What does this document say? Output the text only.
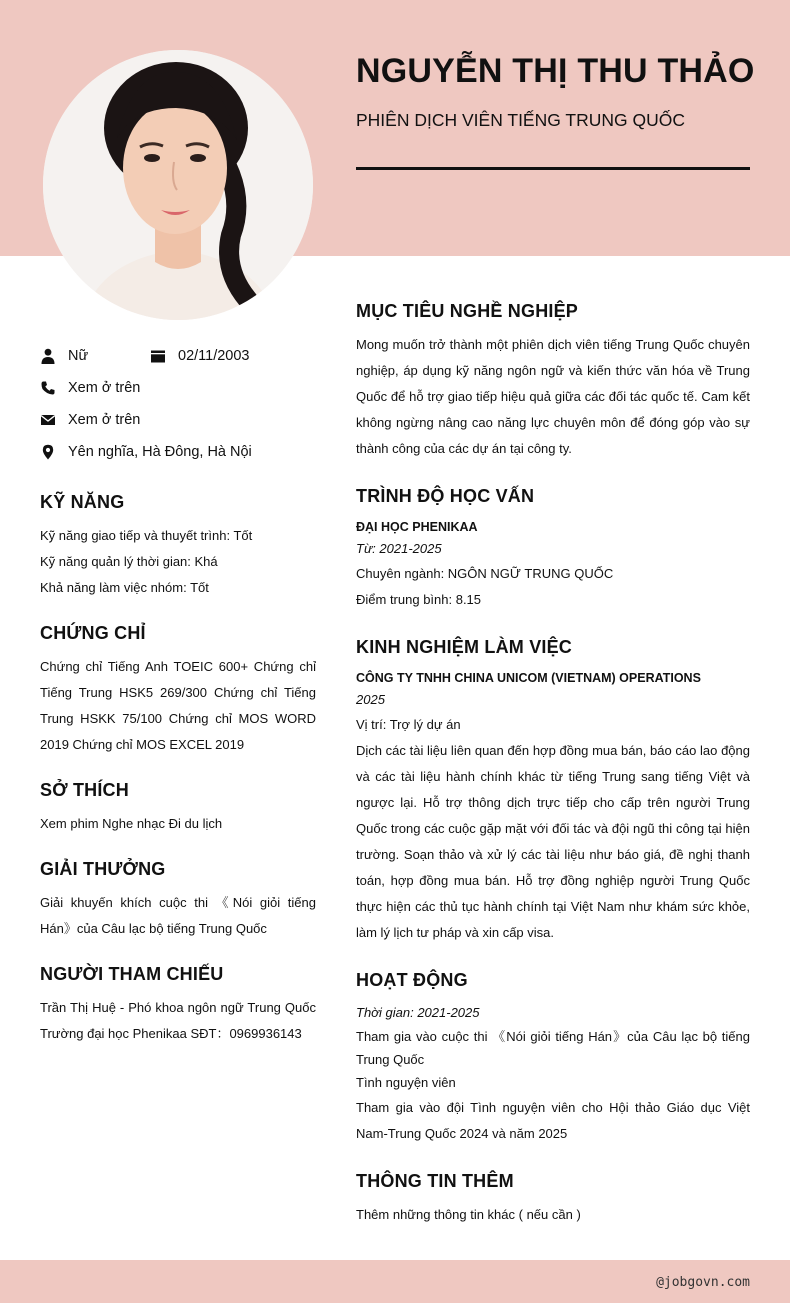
NGUYỄN THỊ THU THẢO
PHIÊN DỊCH VIÊN TIẾNG TRUNG QUỐC
Nữ	02/11/2003
Xem ở trên
Xem ở trên
Yên nghĩa, Hà Đông, Hà Nội
KỸ NĂNG
Kỹ năng giao tiếp và thuyết trình: Tốt
Kỹ năng quản lý thời gian: Khá
Khả năng làm việc nhóm: Tốt
CHỨNG CHỈ
Chứng chỉ Tiếng Anh TOEIC 600+ Chứng chỉ Tiếng Trung HSK5 269/300 Chứng chỉ Tiếng Trung HSKK 75/100 Chứng chỉ MOS WORD 2019 Chứng chỉ MOS EXCEL 2019
SỞ THÍCH
Xem phim Nghe nhạc Đi du lịch
GIẢI THƯỞNG
Giải khuyến khích cuộc thi 《Nói giỏi tiếng Hán》của Câu lạc bộ tiếng Trung Quốc
NGƯỜI THAM CHIẾU
Trần Thị Huệ - Phó khoa ngôn ngữ Trung Quốc Trường đại học Phenikaa SĐT：0969936143
MỤC TIÊU NGHỀ NGHIỆP
Mong muốn trở thành một phiên dịch viên tiếng Trung Quốc chuyên nghiệp, áp dụng kỹ năng ngôn ngữ và kiến thức văn hóa về Trung Quốc để hỗ trợ giao tiếp hiệu quả giữa các đối tác quốc tế. Cam kết không ngừng nâng cao năng lực chuyên môn để đóng góp vào sự thành công của các dự án tại công ty.
TRÌNH ĐỘ HỌC VẤN
ĐẠI HỌC PHENIKAA
Từ: 2021-2025
Chuyên ngành: NGÔN NGỮ TRUNG QUỐC
Điểm trung bình: 8.15
KINH NGHIỆM LÀM VIỆC
CÔNG TY TNHH CHINA UNICOM (VIETNAM) OPERATIONS
2025
Vị trí: Trợ lý dự án
Dịch các tài liệu liên quan đến hợp đồng mua bán, báo cáo lao động và các tài liệu hành chính khác từ tiếng Trung sang tiếng Việt và ngược lại. Hỗ trợ thông dịch trực tiếp cho cấp trên người Trung Quốc trong các cuộc gặp mặt với đối tác và đội ngũ thi công tại hiện trường. Soạn thảo và xử lý các tài liệu như báo giá, đề nghị thanh toán, hợp đồng mua bán. Hỗ trợ đồng nghiệp người Trung Quốc thực hiện các thủ tục hành chính tại Việt Nam như khám sức khỏe, làm lý lịch tư pháp và xin cấp visa.
HOẠT ĐỘNG
Thời gian: 2021-2025
Tham gia vào cuộc thi 《Nói giỏi tiếng Hán》của Câu lạc bộ tiếng Trung Quốc
Tình nguyện viên
Tham gia vào đội Tình nguyện viên cho Hội thảo Giáo dục Việt Nam-Trung Quốc 2024 và năm 2025
THÔNG TIN THÊM
Thêm những thông tin khác ( nếu cần )
@jobgovn.com
